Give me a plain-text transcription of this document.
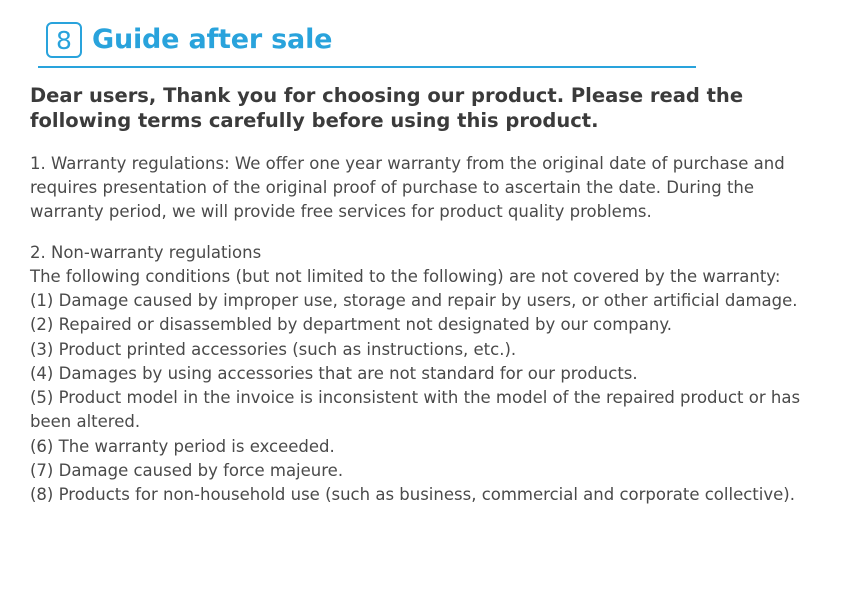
8 Guide after sale
Dear users, Thank you for choosing our product. Please read the following terms carefully before using this product.

1. Warranty regulations: We offer one year warranty from the original date of purchase and requires presentation of the original proof of purchase to ascertain the date. During the warranty period, we will provide free services for product quality problems.

2. Non-warranty regulations

The following conditions (but not limited to the following) are not covered by the warranty:

(1) Damage caused by improper use, storage and repair by users, or other artificial damage.

(2) Repaired or disassembled by department not designated by our company.

(3) Product printed accessories (such as instructions, etc.).

(4) Damages by using accessories that are not standard for our products.

(5) Product model in the invoice is inconsistent with the model of the repaired product or has been altered.

(6) The warranty period is exceeded.

(7) Damage caused by force majeure.

(8) Products for non-household use (such as business, commercial and corporate collective).
